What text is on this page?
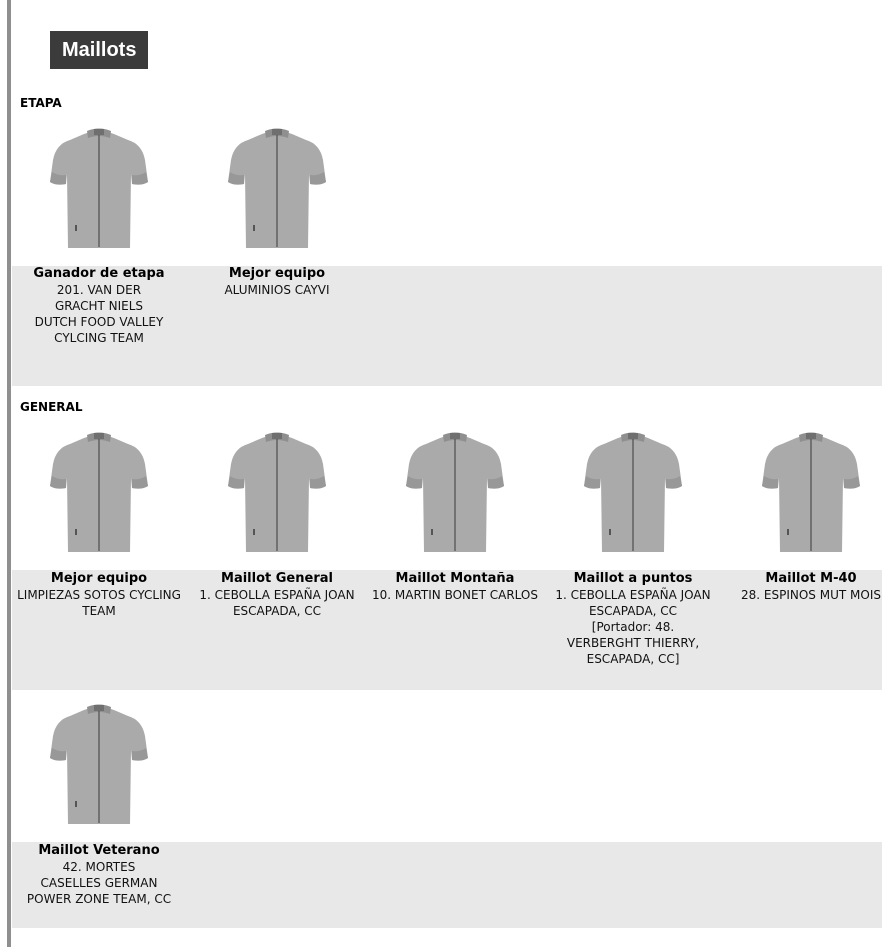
Maillots
ETAPA
Ganador de etapa
201. VAN DER
GRACHT NIELS
DUTCH FOOD VALLEY
CYLCING TEAM
Mejor equipo
ALUMINIOS CAYVI
GENERAL
Mejor equipo
LIMPIEZAS SOTOS CYCLING
TEAM
Maillot General
1. CEBOLLA ESPAÑA JOAN
ESCAPADA, CC
Maillot Montaña
10. MARTIN BONET CARLOS
Maillot a puntos
1. CEBOLLA ESPAÑA JOAN
ESCAPADA, CC
[Portador: 48.
VERBERGHT THIERRY,
ESCAPADA, CC]
Maillot M-40
28. ESPINOS MUT MOIS
Maillot Veterano
42. MORTES
CASELLES GERMAN
POWER ZONE TEAM, CC
